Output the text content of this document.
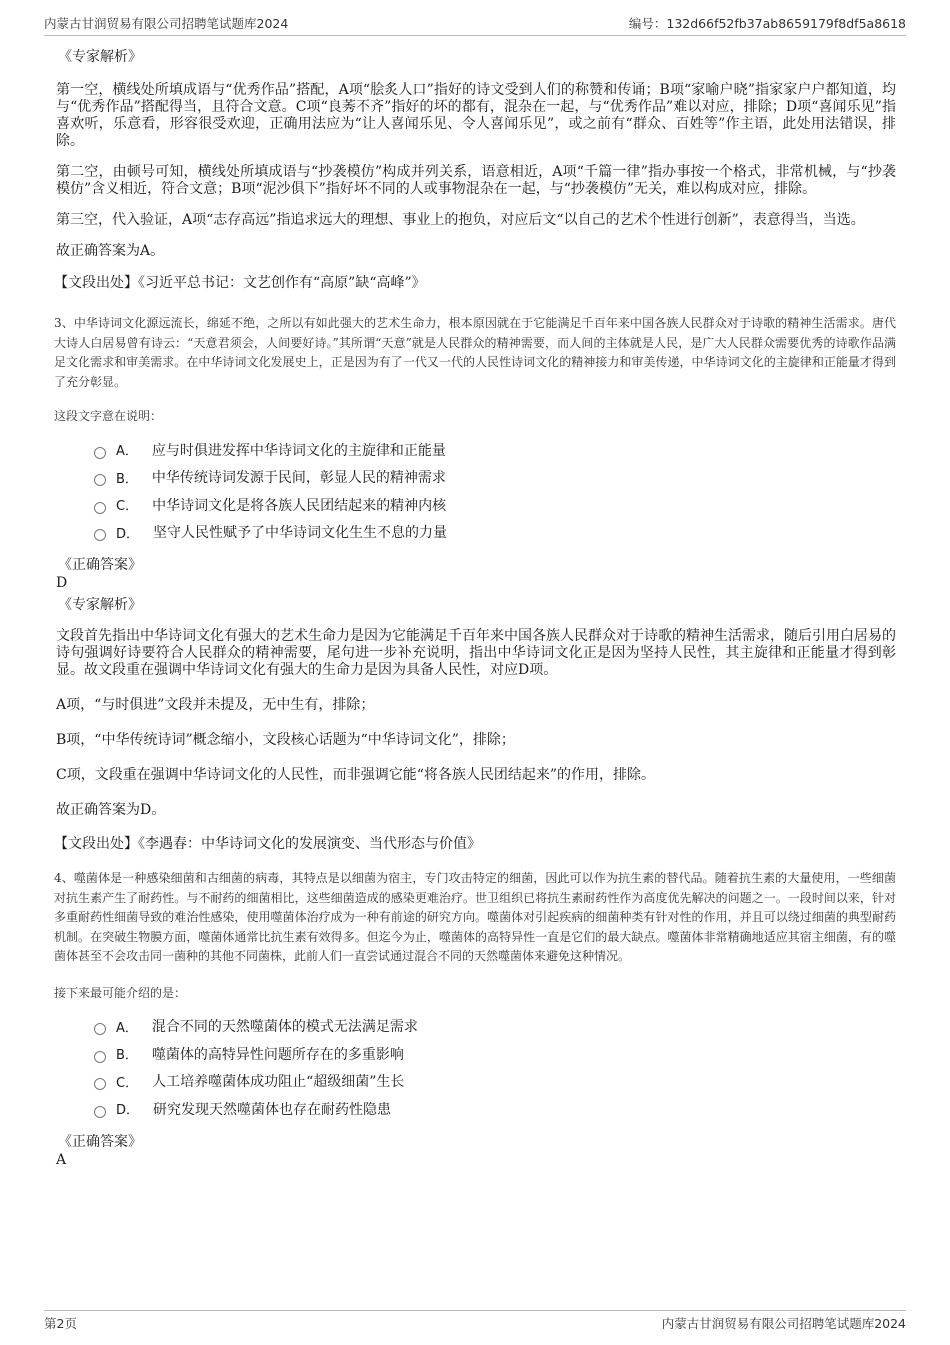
内蒙古甘润贸易有限公司招聘笔试题库2024	编号：132d66f52fb37ab8659179f8df5a8618

《专家解析》

第一空，横线处所填成语与“优秀作品”搭配，A项“脍炙人口”指好的诗文受到人们的称赞和传诵；B项“家喻户晓”指家家户户都知道，均与“优秀作品”搭配得当，且符合文意。C项“良莠不齐”指好的坏的都有，混杂在一起，与“优秀作品”难以对应，排除；D项“喜闻乐见”指喜欢听，乐意看，形容很受欢迎，正确用法应为“让人喜闻乐见、令人喜闻乐见”，或之前有“群众、百姓等”作主语，此处用法错误，排除。

第二空，由顿号可知，横线处所填成语与“抄袭模仿”构成并列关系，语意相近，A项“千篇一律”指办事按一个格式，非常机械，与“抄袭模仿”含义相近，符合文意；B项“泥沙俱下”指好坏不同的人或事物混杂在一起，与“抄袭模仿”无关，难以构成对应，排除。

第三空，代入验证，A项“志存高远”指追求远大的理想、事业上的抱负，对应后文“以自己的艺术个性进行创新”，表意得当，当选。

故正确答案为A。

【文段出处】《习近平总书记：文艺创作有“高原”缺“高峰”》

3、中华诗词文化源远流长，绵延不绝，之所以有如此强大的艺术生命力，根本原因就在于它能满足千百年来中国各族人民群众对于诗歌的精神生活需求。唐代大诗人白居易曾有诗云：“天意君须会，人间要好诗。”其所谓“天意”就是人民群众的精神需要，而人间的主体就是人民，是广大人民群众需要优秀的诗歌作品满足文化需求和审美需求。在中华诗词文化发展史上，正是因为有了一代又一代的人民性诗词文化的精神接力和审美传递，中华诗词文化的主旋律和正能量才得到了充分彰显。

这段文字意在说明：

A． 应与时俱进发挥中华诗词文化的主旋律和正能量
B． 中华传统诗词发源于民间，彰显人民的精神需求
C． 中华诗词文化是将各族人民团结起来的精神内核
D． 坚守人民性赋予了中华诗词文化生生不息的力量

《正确答案》

D

《专家解析》

文段首先指出中华诗词文化有强大的艺术生命力是因为它能满足千百年来中国各族人民群众对于诗歌的精神生活需求，随后引用白居易的诗句强调好诗要符合人民群众的精神需要，尾句进一步补充说明，指出中华诗词文化正是因为坚持人民性，其主旋律和正能量才得到彰显。故文段重在强调中华诗词文化有强大的生命力是因为具备人民性，对应D项。

A项，“与时俱进”文段并未提及，无中生有，排除；

B项，“中华传统诗词”概念缩小，文段核心话题为“中华诗词文化”，排除；

C项，文段重在强调中华诗词文化的人民性，而非强调它能“将各族人民团结起来”的作用，排除。

故正确答案为D。

【文段出处】《李遇春：中华诗词文化的发展演变、当代形态与价值》

4、噬菌体是一种感染细菌和古细菌的病毒，其特点是以细菌为宿主，专门攻击特定的细菌，因此可以作为抗生素的替代品。随着抗生素的大量使用，一些细菌对抗生素产生了耐药性。与不耐药的细菌相比，这些细菌造成的感染更难治疗。世卫组织已将抗生素耐药性作为高度优先解决的问题之一。一段时间以来，针对多重耐药性细菌导致的难治性感染，使用噬菌体治疗成为一种有前途的研究方向。噬菌体对引起疾病的细菌种类有针对性的作用，并且可以绕过细菌的典型耐药机制。在突破生物膜方面，噬菌体通常比抗生素有效得多。但迄今为止，噬菌体的高特异性一直是它们的最大缺点。噬菌体非常精确地适应其宿主细菌，有的噬菌体甚至不会攻击同一菌种的其他不同菌株，此前人们一直尝试通过混合不同的天然噬菌体来避免这种情况。

接下来最可能介绍的是：

A． 混合不同的天然噬菌体的模式无法满足需求
B． 噬菌体的高特异性问题所存在的多重影响
C． 人工培养噬菌体成功阻止“超级细菌”生长
D． 研究发现天然噬菌体也存在耐药性隐患

《正确答案》

A

第2页	内蒙古甘润贸易有限公司招聘笔试题库2024
